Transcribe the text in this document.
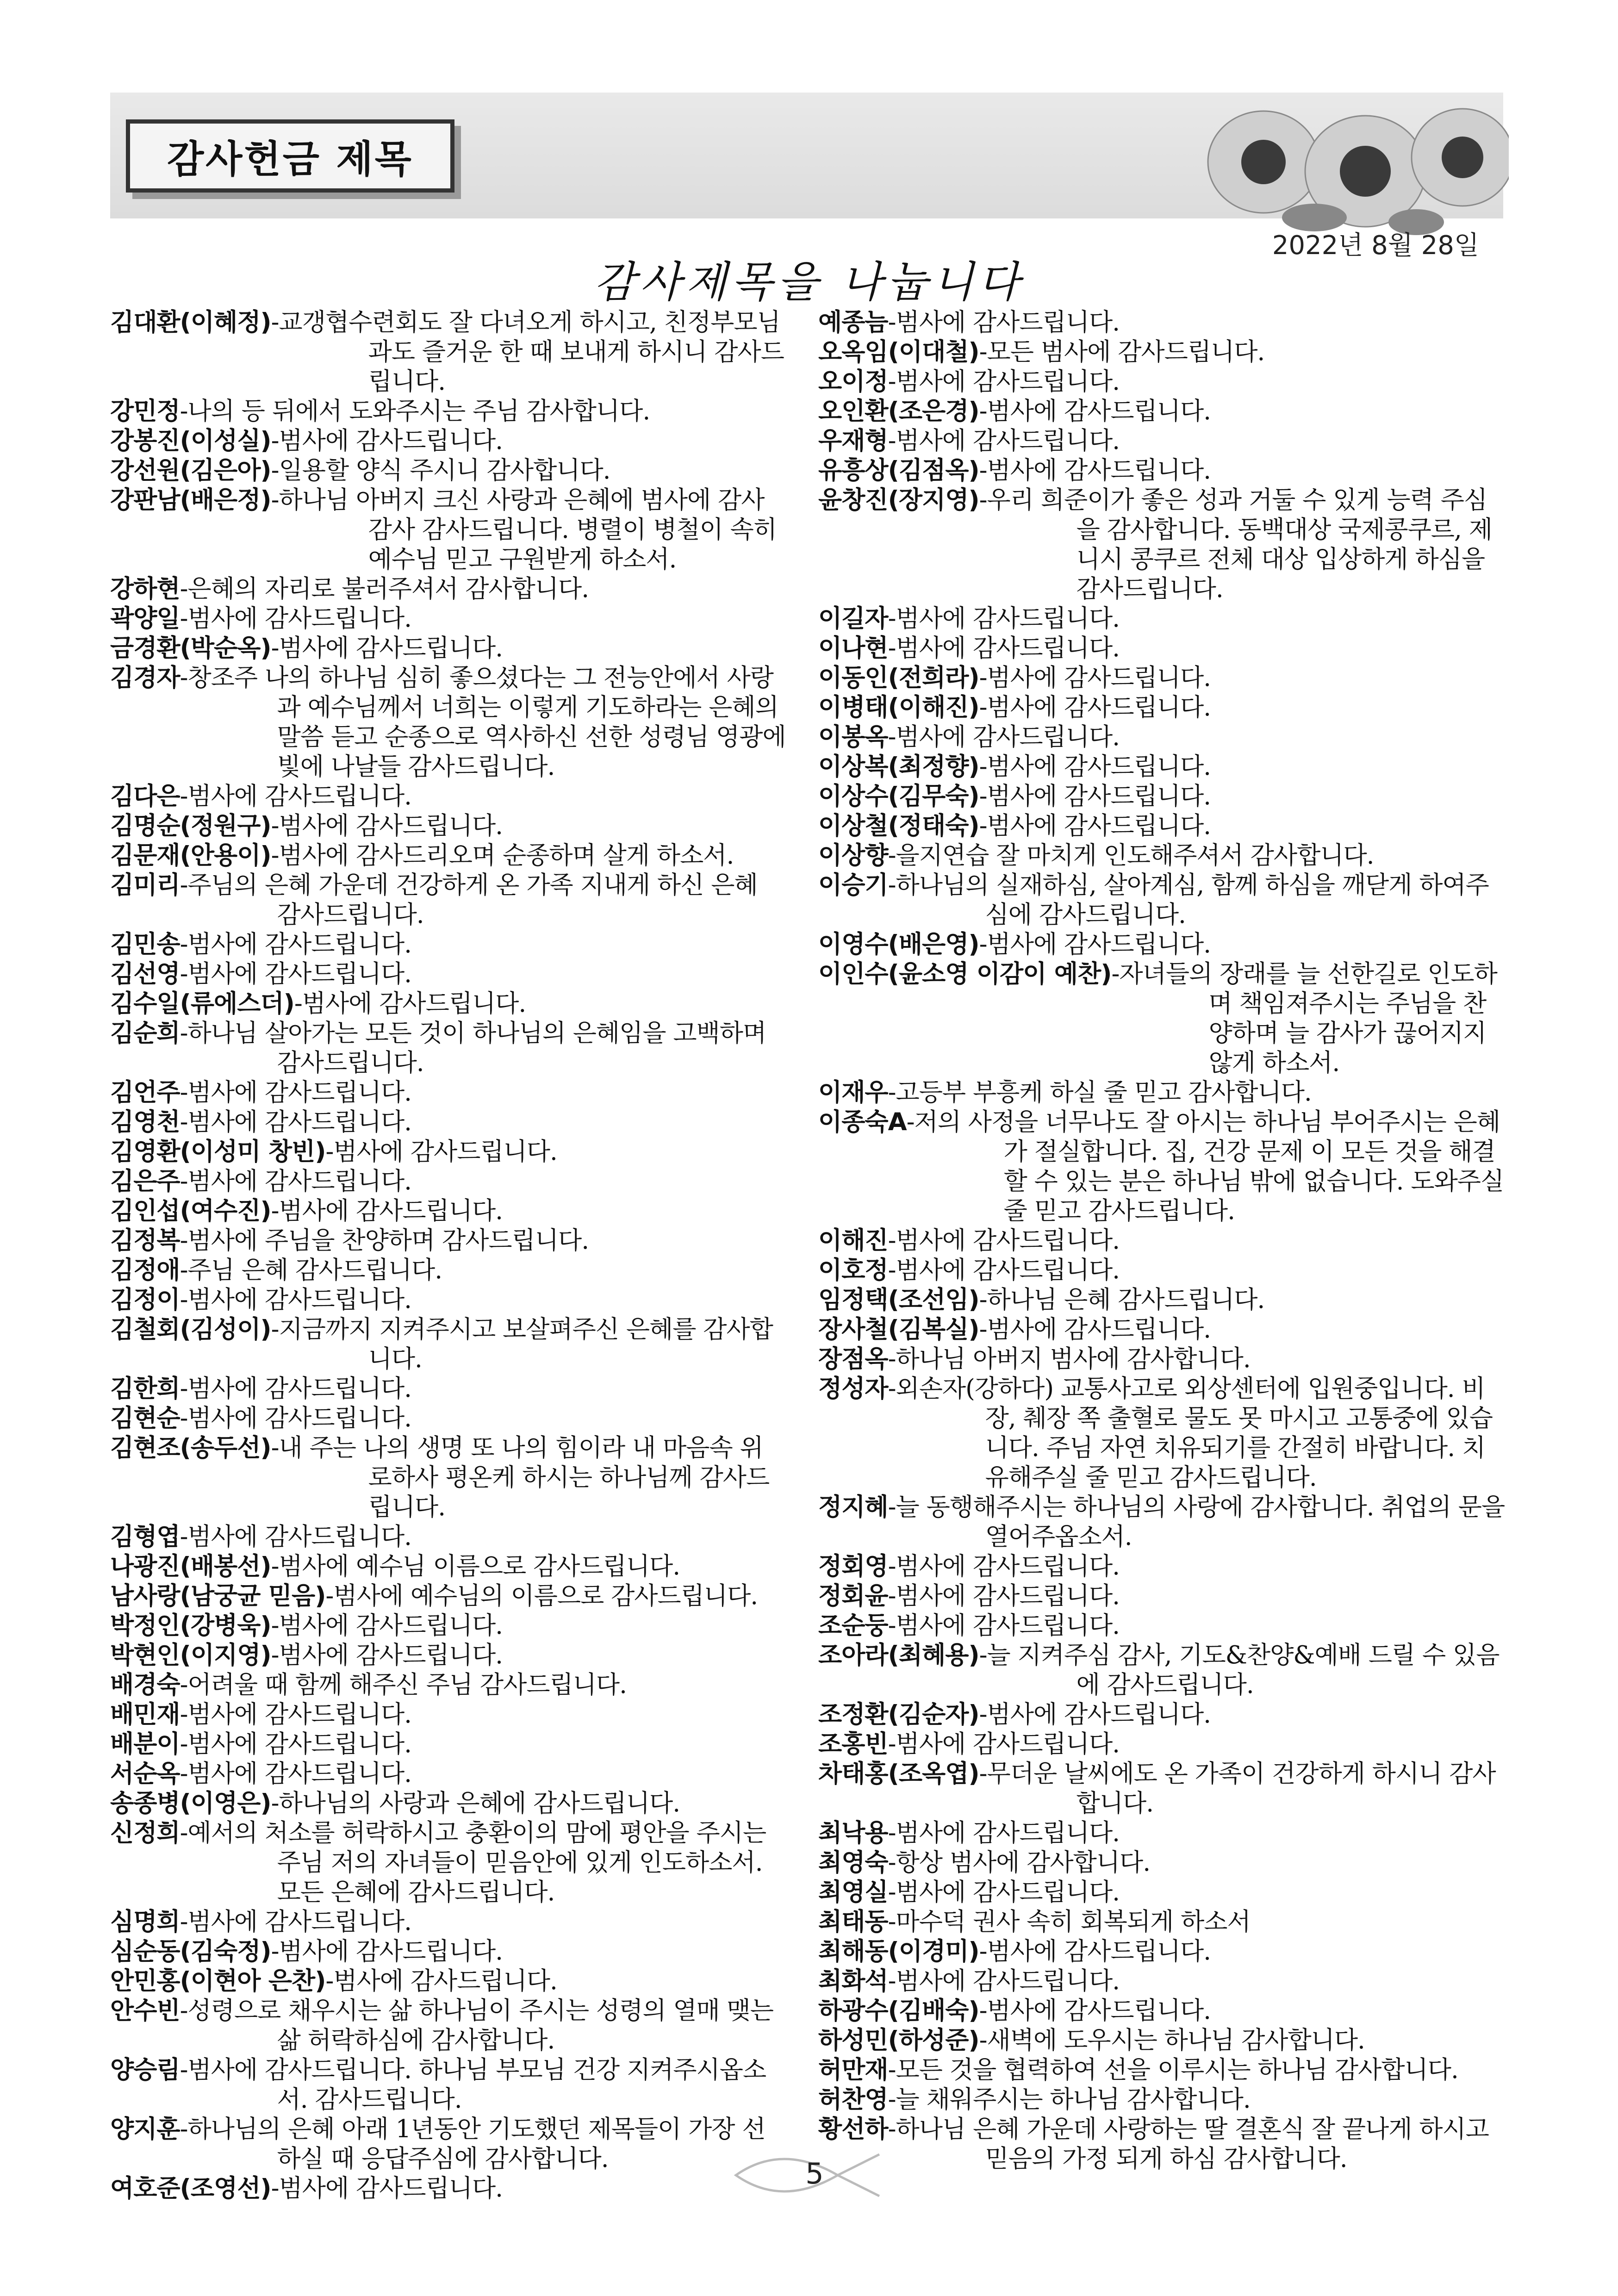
감사헌금 제목
2022년 8월 28일
감사제목을 나눕니다
김대환(이혜정) -교갱협수련회도 잘 다녀오게 하시고, 친정부모님과도 즐거운 한 때 보내게 하시니 감사드립니다.
강민정 -나의 등 뒤에서 도와주시는 주님 감사합니다.
강봉진(이성실) -범사에 감사드립니다.
강선원(김은아) -일용할 양식 주시니 감사합니다.
강판남(배은정) -하나님 아버지 크신 사랑과 은혜에 범사에 감사 감사 감사드립니다. 병렬이 병철이 속히 예수님 믿고 구원받게 하소서.
강하현 -은혜의 자리로 불러주셔서 감사합니다.
곽양일 -범사에 감사드립니다.
금경환(박순옥) -범사에 감사드립니다.
김경자 -창조주 나의 하나님 심히 좋으셨다는 그 전능안에서 사랑과 예수님께서 너희는 이렇게 기도하라는 은혜의 말씀 듣고 순종으로 역사하신 선한 성령님 영광에 빛에 나날들 감사드립니다.
김다은 -범사에 감사드립니다.
김명순(정원구) -범사에 감사드립니다.
김문재(안용이) -범사에 감사드리오며 순종하며 살게 하소서.
김미리 -주님의 은혜 가운데 건강하게 온 가족 지내게 하신 은혜 감사드립니다.
김민송 -범사에 감사드립니다.
김선영 -범사에 감사드립니다.
김수일(류에스더) -범사에 감사드립니다.
김순희 -하나님 살아가는 모든 것이 하나님의 은혜임을 고백하며 감사드립니다.
김언주 -범사에 감사드립니다.
김영천 -범사에 감사드립니다.
김영환(이성미 창빈) -범사에 감사드립니다.
김은주 -범사에 감사드립니다.
김인섭(여수진) -범사에 감사드립니다.
김정복 -범사에 주님을 찬양하며 감사드립니다.
김정애 -주님 은혜 감사드립니다.
김정이 -범사에 감사드립니다.
김철회(김성이) -지금까지 지켜주시고 보살펴주신 은혜를 감사합니다.
김한희 -범사에 감사드립니다.
김현순 -범사에 감사드립니다.
김현조(송두선) -내 주는 나의 생명 또 나의 힘이라 내 마음속 위로하사 평온케 하시는 하나님께 감사드립니다.
김형엽 -범사에 감사드립니다.
나광진(배봉선) -범사에 예수님 이름으로 감사드립니다.
남사랑(남궁균 믿음) -범사에 예수님의 이름으로 감사드립니다.
박정인(강병욱) -범사에 감사드립니다.
박현인(이지영) -범사에 감사드립니다.
배경숙 -어려울 때 함께 해주신 주님 감사드립니다.
배민재 -범사에 감사드립니다.
배분이 -범사에 감사드립니다.
서순옥 -범사에 감사드립니다.
송종병(이영은) -하나님의 사랑과 은혜에 감사드립니다.
신정희 -예서의 처소를 허락하시고 충환이의 맘에 평안을 주시는 주님 저의 자녀들이 믿음안에 있게 인도하소서. 모든 은혜에 감사드립니다.
심명희 -범사에 감사드립니다.
심순동(김숙정) -범사에 감사드립니다.
안민홍(이현아 은찬) -범사에 감사드립니다.
안수빈 -성령으로 채우시는 삶 하나님이 주시는 성령의 열매 맺는 삶 허락하심에 감사합니다.
양승림 -범사에 감사드립니다. 하나님 부모님 건강 지켜주시옵소서. 감사드립니다.
양지훈 -하나님의 은혜 아래 1년동안 기도했던 제목들이 가장 선하실 때 응답주심에 감사합니다.
여호준(조영선) -범사에 감사드립니다.
예종늠 -범사에 감사드립니다.
오옥임(이대철) -모든 범사에 감사드립니다.
오이정 -범사에 감사드립니다.
오인환(조은경) -범사에 감사드립니다.
우재형 -범사에 감사드립니다.
유흥상(김점옥) -범사에 감사드립니다.
윤창진(장지영) -우리 희준이가 좋은 성과 거둘 수 있게 능력 주심을 감사합니다. 동백대상 국제콩쿠르, 제니시 콩쿠르 전체 대상 입상하게 하심을 감사드립니다.
이길자 -범사에 감사드립니다.
이나현 -범사에 감사드립니다.
이동인(전희라) -범사에 감사드립니다.
이병태(이해진) -범사에 감사드립니다.
이봉옥 -범사에 감사드립니다.
이상복(최정향) -범사에 감사드립니다.
이상수(김무숙) -범사에 감사드립니다.
이상철(정태숙) -범사에 감사드립니다.
이상향 -을지연습 잘 마치게 인도해주셔서 감사합니다.
이승기 -하나님의 실재하심, 살아계심, 함께 하심을 깨닫게 하여주심에 감사드립니다.
이영수(배은영) -범사에 감사드립니다.
이인수(윤소영 이감이 예찬) -자녀들의 장래를 늘 선한길로 인도하며 책임져주시는 주님을 찬양하며 늘 감사가 끊어지지 않게 하소서.
이재우 -고등부 부흥케 하실 줄 믿고 감사합니다.
이종숙A -저의 사정을 너무나도 잘 아시는 하나님 부어주시는 은혜가 절실합니다. 집, 건강 문제 이 모든 것을 해결할 수 있는 분은 하나님 밖에 없습니다. 도와주실 줄 믿고 감사드립니다.
이해진 -범사에 감사드립니다.
이호정 -범사에 감사드립니다.
임정택(조선임) -하나님 은혜 감사드립니다.
장사철(김복실) -범사에 감사드립니다.
장점옥 -하나님 아버지 범사에 감사합니다.
정성자 -외손자(강하다) 교통사고로 외상센터에 입원중입니다. 비장, 췌장 쪽 출혈로 물도 못 마시고 고통중에 있습니다. 주님 자연 치유되기를 간절히 바랍니다. 치유해주실 줄 믿고 감사드립니다.
정지혜 -늘 동행해주시는 하나님의 사랑에 감사합니다. 취업의 문을 열어주옵소서.
정회영 -범사에 감사드립니다.
정회윤 -범사에 감사드립니다.
조순둥 -범사에 감사드립니다.
조아라(최혜용) -늘 지켜주심 감사, 기도&찬양&예배 드릴 수 있음에 감사드립니다.
조정환(김순자) -범사에 감사드립니다.
조홍빈 -범사에 감사드립니다.
차태홍(조옥엽) -무더운 날씨에도 온 가족이 건강하게 하시니 감사합니다.
최낙용 -범사에 감사드립니다.
최영숙 -항상 범사에 감사합니다.
최영실 -범사에 감사드립니다.
최태동 -마수덕 권사 속히 회복되게 하소서
최해동(이경미) -범사에 감사드립니다.
최화석 -범사에 감사드립니다.
하광수(김배숙) -범사에 감사드립니다.
하성민(하성준) -새벽에 도우시는 하나님 감사합니다.
허만재 -모든 것을 협력하여 선을 이루시는 하나님 감사합니다.
허찬영 -늘 채워주시는 하나님 감사합니다.
황선하 -하나님 은혜 가운데 사랑하는 딸 결혼식 잘 끝나게 하시고 믿음의 가정 되게 하심 감사합니다.
5
